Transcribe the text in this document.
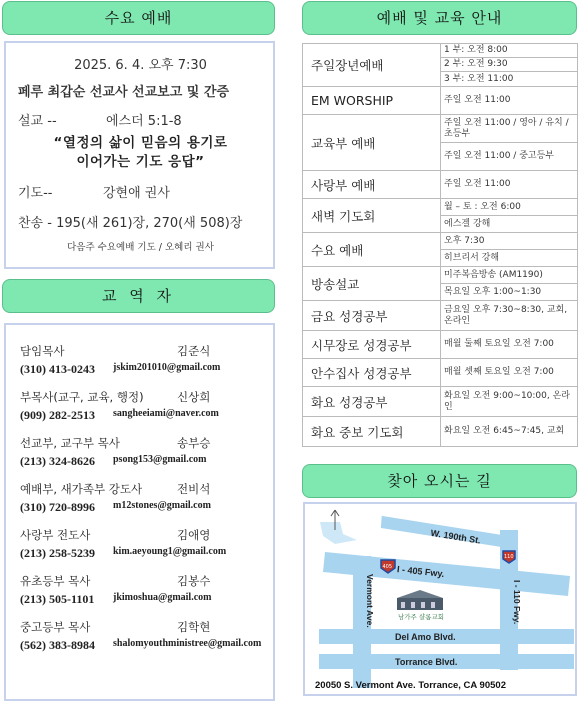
수요 예배
2025. 6. 4. 오후 7:30
페루 최갑순 선교사 선교보고 및 간증
설교 --	에스더 5:1-8
“열정의 삶이 믿음의 용기로
이어가는 기도 응답”
기도--	강현애 권사
찬송 - 195(새 261)장, 270(새 508)장
다음주 수요예배 기도 / 오혜리 권사
교 역 자
담임목사	김준식
(310) 413-0243 jskim201010@gmail.com
부목사(교구, 교육, 행정)	신상희
(909) 282-2513 sangheeiami@naver.com
선교부, 교구부 목사	송부승
(213) 324-8626 psong153@gmail.com
예배부, 새가족부 강도사	전비석
(310) 720-8996 m12stones@gmail.com
사랑부 전도사	김애영
(213) 258-5239 kim.aeyoung1@gmail.com
유초등부 목사	김봉수
(213) 505-1101 jkimoshua@gmail.com
중고등부 목사	김학현
(562) 383-8984 shalomyouthministree@gmail.com
예배 및 교육 안내
주일장년예배	1 부: 오전 8:00
	2 부: 오전 9:30
	3 부: 오전 11:00
EM WORSHIP	주일 오전 11:00
교육부 예배	주일 오전 11:00 / 영아 / 유치 / 초등부
	주일 오전 11:00 / 중고등부
사랑부 예배	주일 오전 11:00
새벽 기도회	월 – 토 : 오전 6:00
	에스겔 강해
수요 예배	오후 7:30
	히브리서 강해
방송설교	미주복음방송 (AM1190)
	목요일 오후 1:00~1:30
금요 성경공부	금요일 오후 7:30~8:30, 교회, 온라인
시무장로 성경공부	매월 둘째 토요일 오전 7:00
안수집사 성경공부	매월 셋째 토요일 오전 7:00
화요 성경공부	화요일 오전 9:00~10:00, 온라인
화요 중보 기도회	화요일 오전 6:45~7:45, 교회
찾아 오시는 길
W. 190th St.
I - 405 Fwy.
Vermont Ave.	I - 110 Fwy.
Del Amo Blvd.
Torrance Blvd.
405
110
남가주 샬롬교회
20050 S. Vermont Ave. Torrance, CA 90502
